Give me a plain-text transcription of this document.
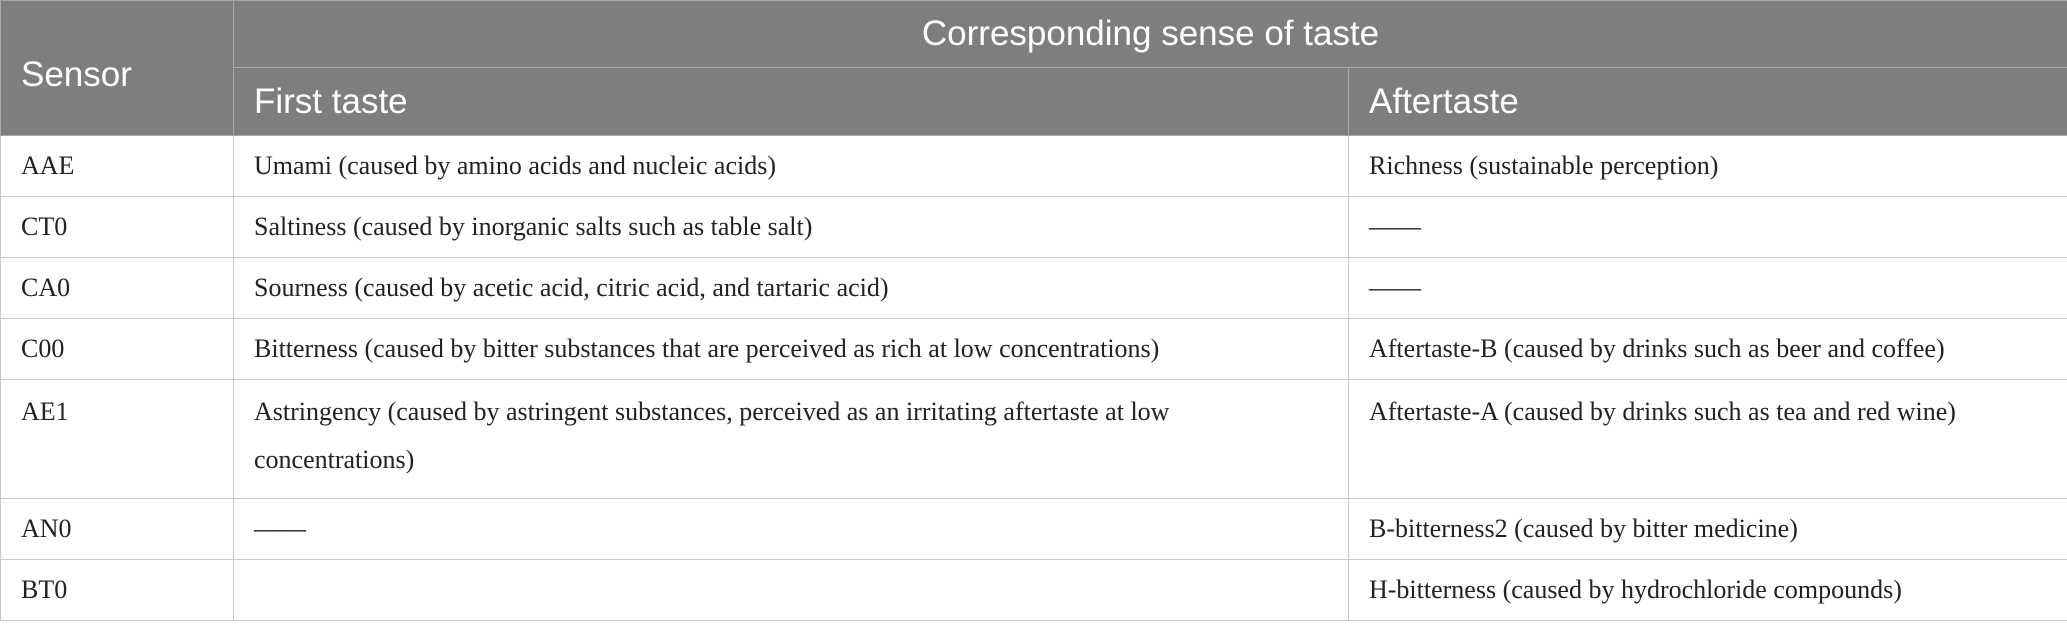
Sensor	Corresponding sense of taste	
	First taste	Aftertaste
AAE	Umami (caused by amino acids and nucleic acids)	Richness (sustainable perception)
CT0	Saltiness (caused by inorganic salts such as table salt)	——
CA0	Sourness (caused by acetic acid, citric acid, and tartaric acid)	——
C00	Bitterness (caused by bitter substances that are perceived as rich at low concentrations)	Aftertaste-B (caused by drinks such as beer and coffee)
AE1	Astringency (caused by astringent substances, perceived as an irritating aftertaste at low concentrations)	Aftertaste-A (caused by drinks such as tea and red wine)
AN0	——	B-bitterness2 (caused by bitter medicine)
BT0		H-bitterness (caused by hydrochloride compounds)
